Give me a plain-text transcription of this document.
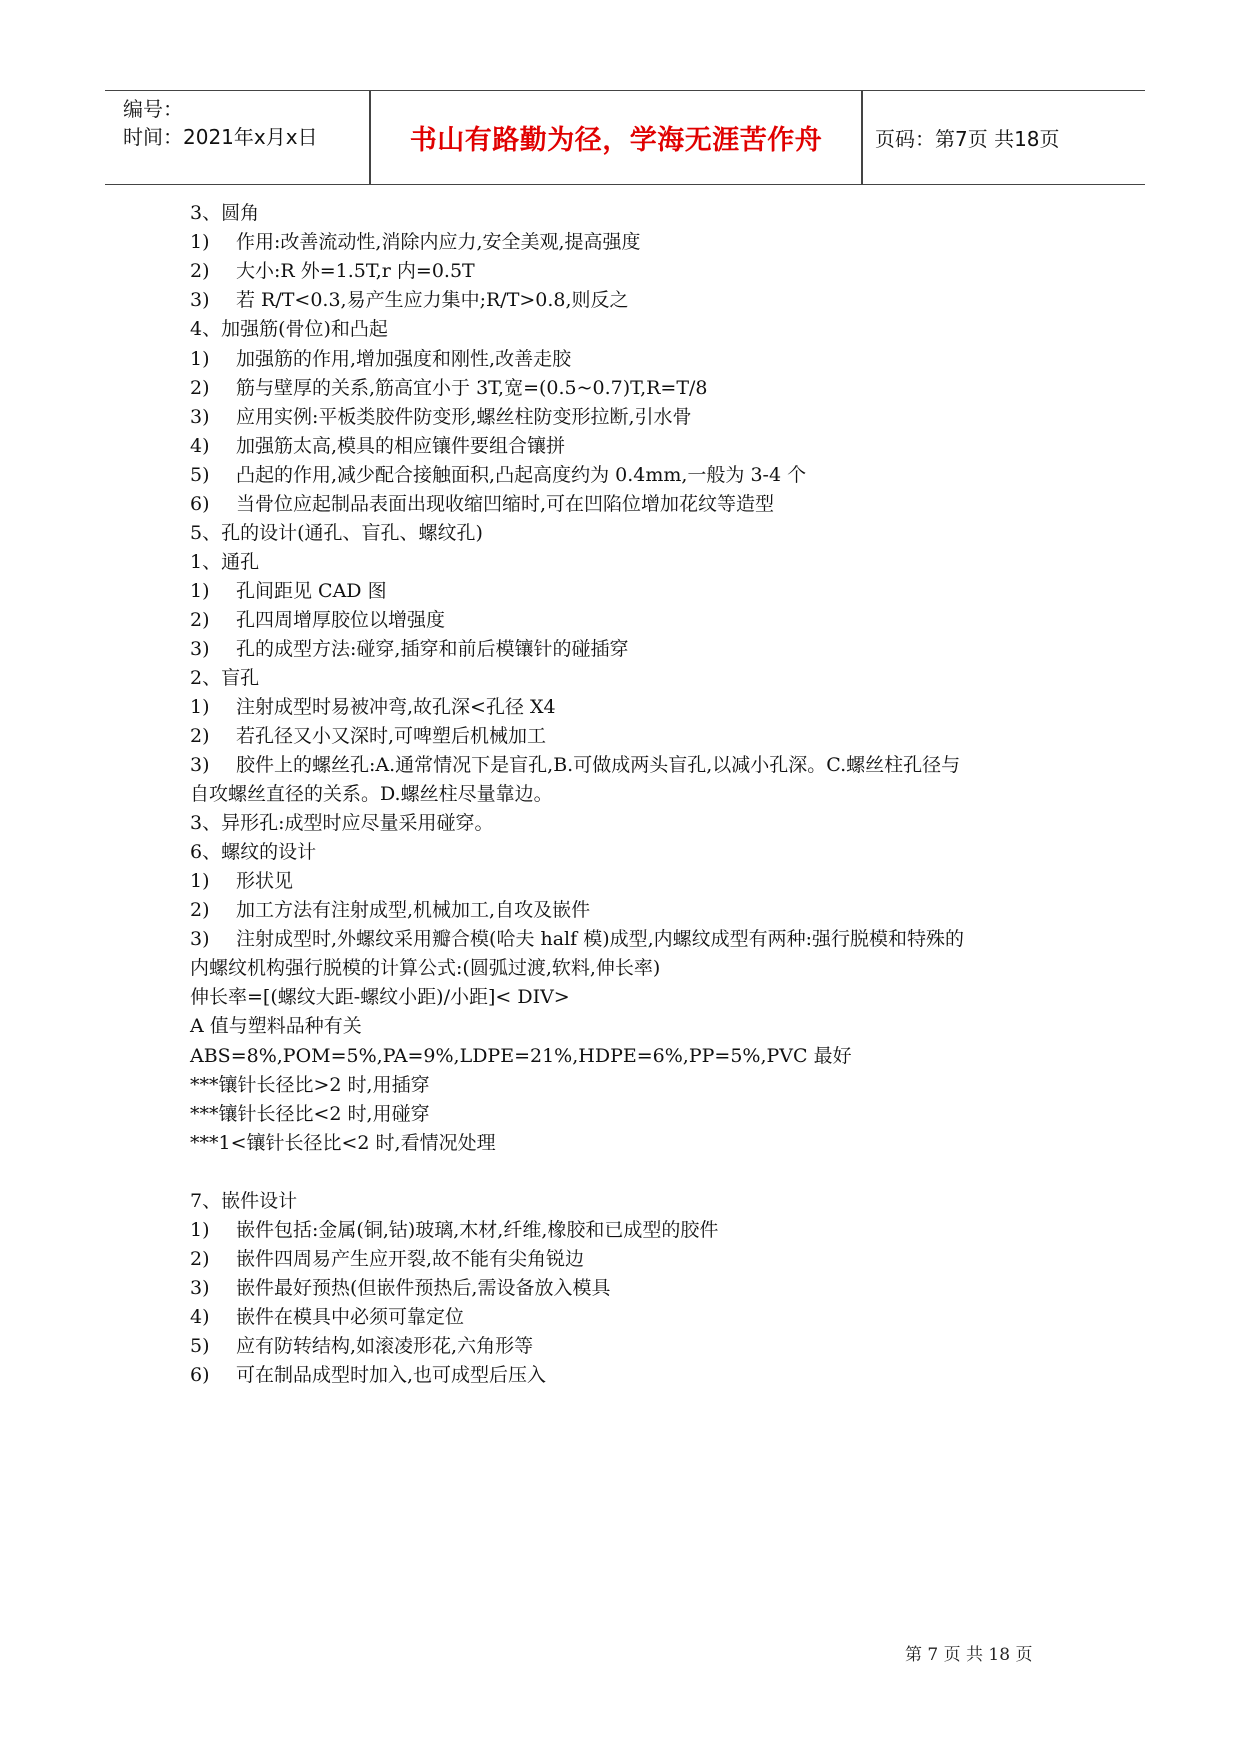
编号：
时间：2021年x月x日	书山有路勤为径，学海无涯苦作舟	页码：第7页 共18页
3、圆角
1) 作用:改善流动性,消除内应力,安全美观,提高强度
2) 大小:R 外=1.5T,r 内=0.5T
3) 若 R/T<0.3,易产生应力集中;R/T>0.8,则反之
4、加强筋(骨位)和凸起
1) 加强筋的作用,增加强度和刚性,改善走胶
2) 筋与壁厚的关系,筋高宜小于 3T,宽=(0.5~0.7)T,R=T/8
3) 应用实例:平板类胶件防变形,螺丝柱防变形拉断,引水骨
4) 加强筋太高,模具的相应镶件要组合镶拼
5) 凸起的作用,减少配合接触面积,凸起高度约为 0.4mm,一般为 3-4 个
6) 当骨位应起制品表面出现收缩凹缩时,可在凹陷位增加花纹等造型
5、孔的设计(通孔、盲孔、螺纹孔)
1、通孔
1) 孔间距见 CAD 图
2) 孔四周增厚胶位以增强度
3) 孔的成型方法:碰穿,插穿和前后模镶针的碰插穿
2、盲孔
1) 注射成型时易被冲弯,故孔深<孔径 X4
2) 若孔径又小又深时,可啤塑后机械加工
3) 胶件上的螺丝孔:A.通常情况下是盲孔,B.可做成两头盲孔,以减小孔深。C.螺丝柱孔径与
自攻螺丝直径的关系。D.螺丝柱尽量靠边。
3、异形孔:成型时应尽量采用碰穿。
6、螺纹的设计
1) 形状见
2) 加工方法有注射成型,机械加工,自攻及嵌件
3) 注射成型时,外螺纹采用瓣合模(哈夫 half 模)成型,内螺纹成型有两种:强行脱模和特殊的
内螺纹机构强行脱模的计算公式:(圆弧过渡,软料,伸长率)
伸长率=[(螺纹大距-螺纹小距)/小距]< DIV>
A 值与塑料品种有关
ABS=8%,POM=5%,PA=9%,LDPE=21%,HDPE=6%,PP=5%,PVC 最好
***镶针长径比>2 时,用插穿
***镶针长径比<2 时,用碰穿
***1<镶针长径比<2 时,看情况处理
7、嵌件设计
1) 嵌件包括:金属(铜,钴)玻璃,木材,纤维,橡胶和已成型的胶件
2) 嵌件四周易产生应开裂,故不能有尖角锐边
3) 嵌件最好预热(但嵌件预热后,需设备放入模具
4) 嵌件在模具中必须可靠定位
5) 应有防转结构,如滚凌形花,六角形等
6) 可在制品成型时加入,也可成型后压入
第 7 页 共 18 页
